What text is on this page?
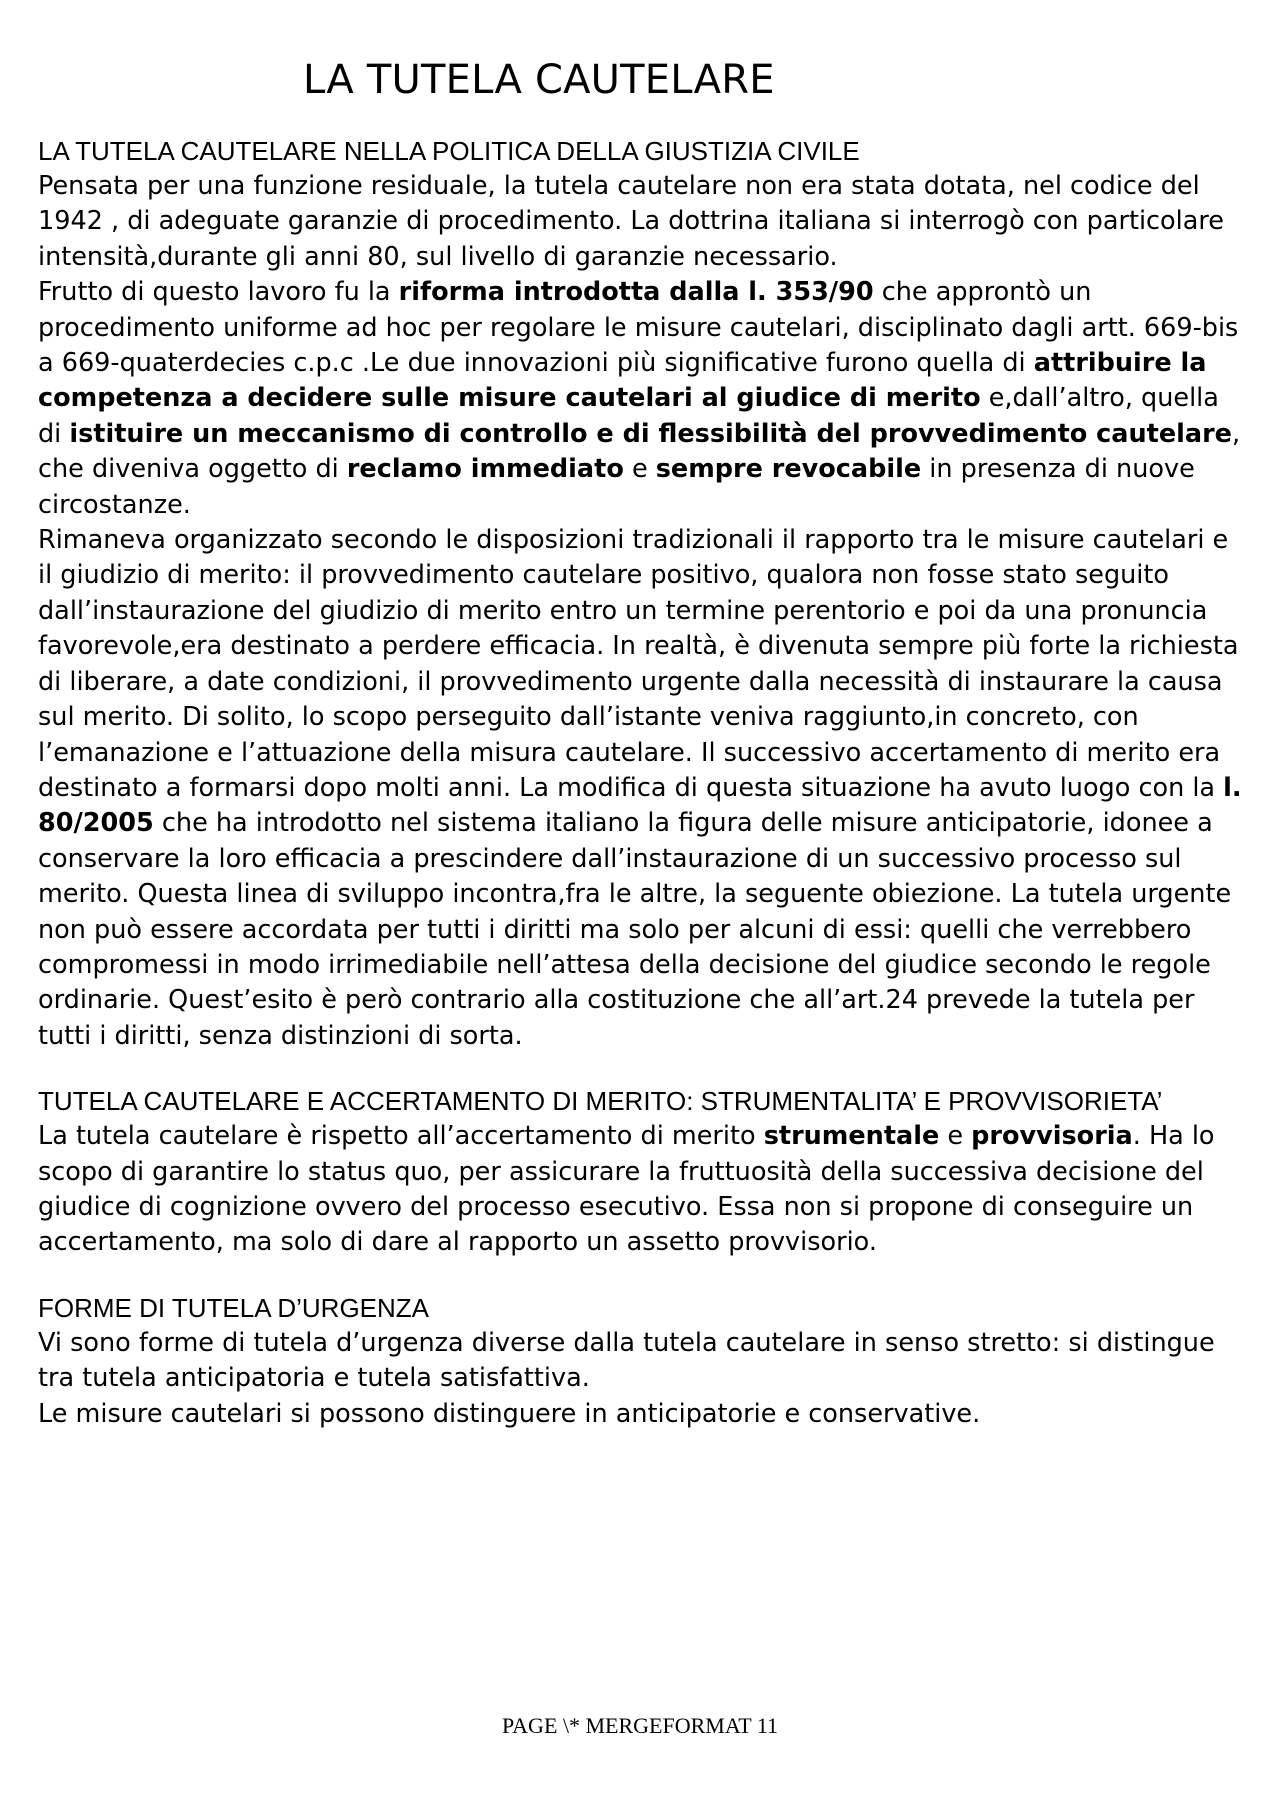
LA TUTELA CAUTELARE
LA TUTELA CAUTELARE NELLA POLITICA DELLA GIUSTIZIA CIVILE

Pensata per una funzione residuale, la tutela cautelare non era stata dotata, nel codice del 1942 , di adeguate garanzie di procedimento. La dottrina italiana si interrogò con particolare intensità,durante gli anni 80, sul livello di garanzie necessario.

Frutto di questo lavoro fu la riforma introdotta dalla l. 353/90 che approntò un procedimento uniforme ad hoc per regolare le misure cautelari, disciplinato dagli artt. 669-bis a 669-quaterdecies c.p.c .Le due innovazioni più significative furono quella di attribuire la competenza a decidere sulle misure cautelari al giudice di merito e,dall’altro, quella di istituire un meccanismo di controllo e di flessibilità del provvedimento cautelare, che diveniva oggetto di reclamo immediato e sempre revocabile in presenza di nuove circostanze.

Rimaneva organizzato secondo le disposizioni tradizionali il rapporto tra le misure cautelari e il giudizio di merito: il provvedimento cautelare positivo, qualora non fosse stato seguito dall’instaurazione del giudizio di merito entro un termine perentorio e poi da una pronuncia favorevole,era destinato a perdere efficacia. In realtà, è divenuta sempre più forte la richiesta di liberare, a date condizioni, il provvedimento urgente dalla necessità di instaurare la causa sul merito. Di solito, lo scopo perseguito dall’istante veniva raggiunto,in concreto, con l’emanazione e l’attuazione della misura cautelare. Il successivo accertamento di merito era destinato a formarsi dopo molti anni. La modifica di questa situazione ha avuto luogo con la l. 80/2005 che ha introdotto nel sistema italiano la figura delle misure anticipatorie, idonee a conservare la loro efficacia a prescindere dall’instaurazione di un successivo processo sul merito. Questa linea di sviluppo incontra,fra le altre, la seguente obiezione. La tutela urgente non può essere accordata per tutti i diritti ma solo per alcuni di essi: quelli che verrebbero compromessi in modo irrimediabile nell’attesa della decisione del giudice secondo le regole ordinarie. Quest’esito è però contrario alla costituzione che all’art.24 prevede la tutela per tutti i diritti, senza distinzioni di sorta.

TUTELA CAUTELARE E ACCERTAMENTO DI MERITO: STRUMENTALITA’ E PROVVISORIETA’

La tutela cautelare è rispetto all’accertamento di merito strumentale e provvisoria. Ha lo scopo di garantire lo status quo, per assicurare la fruttuosità della successiva decisione del giudice di cognizione ovvero del processo esecutivo. Essa non si propone di conseguire un accertamento, ma solo di dare al rapporto un assetto provvisorio.

FORME DI TUTELA D’URGENZA

Vi sono forme di tutela d’urgenza diverse dalla tutela cautelare in senso stretto: si distingue tra tutela anticipatoria e tutela satisfattiva.

Le misure cautelari si possono distinguere in anticipatorie e conservative.

PAGE \* MERGEFORMAT 11
